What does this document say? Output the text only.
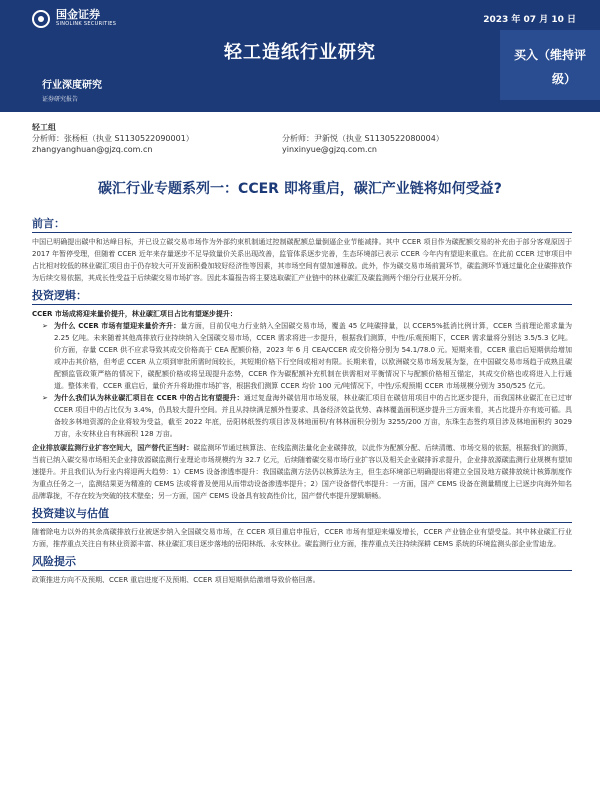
国金证券
SINOLINK SECURITIES	2023 年 07 月 10 日
轻工造纸行业研究
行业深度研究
证券研究报告
买入（维持评
级）
轻工组
分析师：张杨桓（执业 S1130522090001）	分析师：尹新悦（执业 S1130522080004）
zhangyanghuan@gjzq.com.cn	yinxinyue@gjzq.com.cn
碳汇行业专题系列一：CCER 即将重启，碳汇产业链将如何受益?
前言：
中国已明确提出碳中和达峰目标，并已设立碳交易市场作为外部约束机制通过控制碳配额总量倒逼企业节能减排。其中 CCER 项目作为碳配额交易的补充由于部分客观原因于 2017 年暂停受理，但随着 CCER 近年来存量逐步不足导致量价关系出现改善，监管体系逐步完善，生态环境部已表示 CCER 今年内有望迎来重启。在此前 CCER 过审项目中占比相对较低的林业碳汇项目由于仍存较大可开发面积叠加较好经济性等因素，其市场空间有望加速释放。此外，作为碳交易市场前置环节，碳监测环节通过量化企业碳排放作为后续交易依据，其成长性受益于后续碳交易市场扩容。因此本篇报告将主要选取碳汇产业链中的林业碳汇及碳监测两个细分行业展开分析。
投资逻辑：
CCER 市场成将迎来量价提升，林业碳汇项目占比有望逐步提升：
➢ 为什么 CCER 市场有望迎来量价齐升：量方面，目前仅电力行业纳入全国碳交易市场，覆盖 45 亿吨碳排量，以 CCER5%抵消比例计算，CCER 当前理论需求量为 2.25 亿吨。未来随着其他高排放行业持续纳入全国碳交易市场，CCER 需求将进一步提升，根据我们测算，中性/乐观预期下，CCER 需求量将分别达 3.5/5.3 亿吨。价方面，存量 CCER 供不应求导致其成交价格高于 CEA 配额价格，2023 年 6 月 CEA/CCER 成交价格分别为 54.1/78.0 元。短期来看，CCER 重启后短期供给增加或冲击其价格，但考虑 CCER 从立项到审批所需时间较长，其短期价格下行空间或相对有限。长期来看，以欧洲碳交易市场发展为鉴，在中国碳交易市场趋于成熟且碳配额监管政策严格的情况下，碳配额价格或将呈现提升态势，CCER 作为碳配额补充机制在供需相对平衡情况下与配额价格相互锚定，其成交价格也或将进入上行通道。整体来看，CCER 重启后，量价齐升将助推市场扩容，根据我们测算 CCER 均价 100 元/吨情况下，中性/乐观预期 CCER 市场规模分别为 350/525 亿元。
➢ 为什么我们认为林业碳汇项目在 CCER 中的占比有望提升：通过复盘海外碳信用市场发展，林业碳汇项目在碳信用项目中的占比逐步提升，而我国林业碳汇在已过审 CCER 项目中的占比仅为 3.4%，仍具较大提升空间。并且从持续满足额外性要求、具备经济效益优势、森林覆盖面积逐步提升三方面来看，其占比提升亦有迹可循。具备较多林地资源的企业将较为受益，截至 2022 年底，岳阳林纸签约项目涉及林地面积/有林林面积分别为 3255/200 万亩，东珠生态签约项目涉及林地面积约 3029 万亩，永安林业自有林面积 128 万亩。
企业排放碳监测行业扩容空间大，国产替代正当时：碳监测环节通过核算法、在线监测法量化企业碳排放，以此作为配额分配、后续清缴、市场交易的依据，根据我们的测算，当前已纳入碳交易市场相关企业排放源碳监测行业理论市场规模约为 32.7 亿元，后续随着碳交易市场行业扩容以及相关企业碳排诉求提升，企业排放源碳监测行业规模有望加速提升。并且我们认为行业内将迎两大趋势：1）CEMS 设备渗透率提升：我国碳监测方法仍以核算法为主，但生态环境部已明确提出将建立全国及地方碳排放统计核算制度作为重点任务之一，监测结果更为精准的 CEMS 法或将普及使用从而带动设备渗透率提升；2）国产设备替代率提升：一方面，国产 CEMS 设备在测量精度上已逐步向海外知名品牌靠拢，不存在较为突破的技术壁垒；另一方面，国产 CEMS 设备具有较高性价比，国产替代率提升逻辑顺畅。
投资建议与估值
随着除电力以外的其余高碳排放行业被逐步纳入全国碳交易市场，在 CCER 项目重启申报后，CCER 市场有望迎来爆发增长，CCER 产业链企业有望受益。其中林业碳汇行业方面，推荐重点关注自有林业资源丰富、林业碳汇项目逐步落地的岳阳林纸、永安林业。碳监测行业方面，推荐重点关注持续深耕 CEMS 系统的环境监测头部企业雪迪龙。
风险提示
政策推进方向不及预期、CCER 重启进度不及预期、CCER 项目短期供给激增导致价格回落。
